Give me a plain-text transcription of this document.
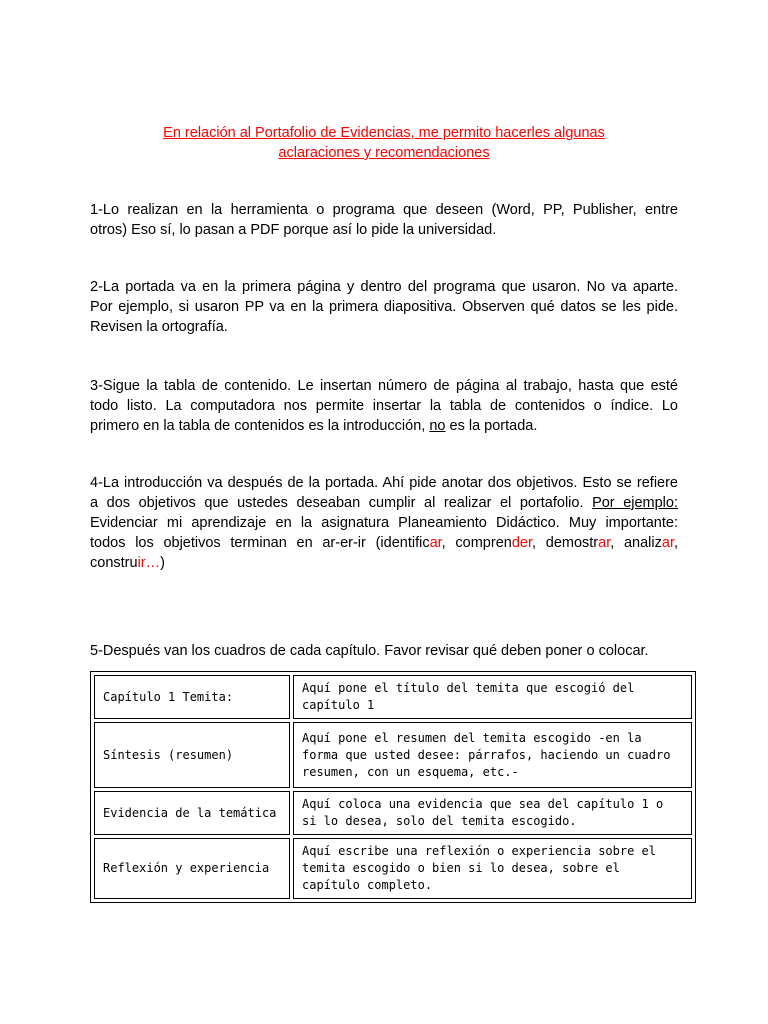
En relación al Portafolio de Evidencias, me permito hacerles algunas
aclaraciones y recomendaciones
1-Lo realizan en la herramienta o programa que deseen (Word, PP, Publisher, entre
otros) Eso sí, lo pasan a PDF porque así lo pide la universidad.
2-La portada va en la primera página y dentro del programa que usaron. No va aparte.
Por ejemplo, si usaron PP va en la primera diapositiva. Observen qué datos se les pide.
Revisen la ortografía.
3-Sigue la tabla de contenido. Le insertan número de página al trabajo, hasta que esté
todo listo. La computadora nos permite insertar la tabla de contenidos o índice. Lo
primero en la tabla de contenidos es la introducción, no es la portada.
4-La introducción va después de la portada. Ahí pide anotar dos objetivos. Esto se refiere
a dos objetivos que ustedes deseaban cumplir al realizar el portafolio. Por ejemplo:
Evidenciar mi aprendizaje en la asignatura Planeamiento Didáctico. Muy importante:
todos los objetivos terminan en ar-er-ir (identificar, comprender, demostrar, analizar,
construir…)
5-Después van los cuadros de cada capítulo. Favor revisar qué deben poner o colocar.
Capítulo 1 Temita:	Aquí pone el título del temita que escogió del capítulo 1
Síntesis (resumen)	Aquí pone el resumen del temita escogido -en la forma que usted desee: párrafos, haciendo un cuadro resumen, con un esquema, etc.-
Evidencia de la temática	Aquí coloca una evidencia que sea del capítulo 1 o si lo desea, solo del temita escogido.
Reflexión y experiencia	Aquí escribe una reflexión o experiencia sobre el temita escogido o bien si lo desea, sobre el capítulo completo.
